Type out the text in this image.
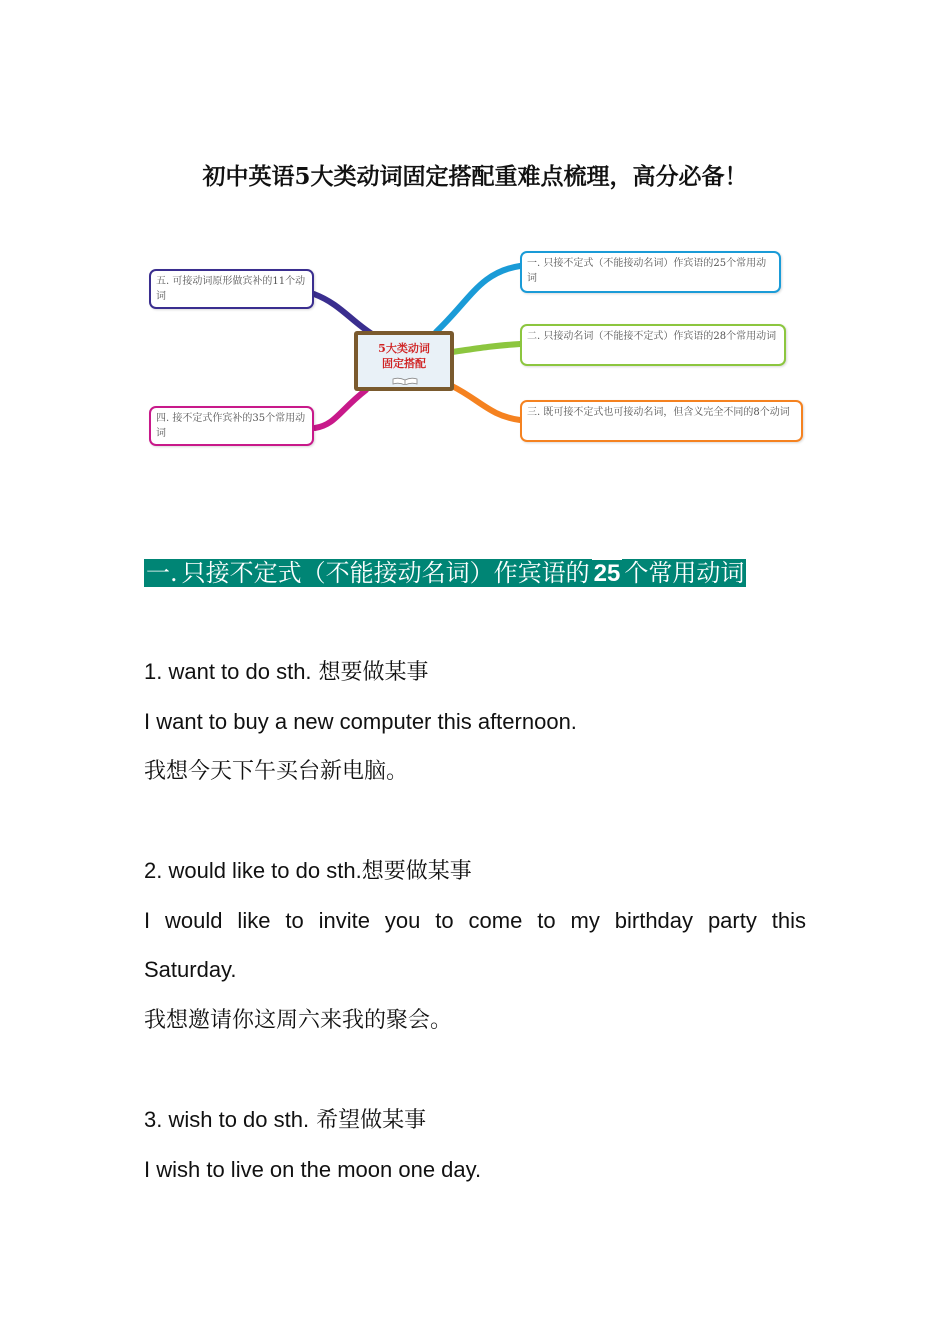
初中英语5大类动词固定搭配重难点梳理，高分必备！
5大类动词
固定搭配
一. 只接不定式（不能接动名词）作宾语的25个常用动词
二. 只接动名词（不能接不定式）作宾语的28个常用动词
三. 既可接不定式也可接动名词，但含义完全不同的8个动词
四. 接不定式作宾补的35个常用动词
五. 可接动词原形做宾补的11个动词
一. 只接不定式（不能接动名词）作宾语的 25 个常用动词
1. want to do sth. 想要做某事
I want to buy a new computer this afternoon.
我想今天下午买台新电脑。
2. would like to do sth.想要做某事
I would like to invite you to come to my birthday party this
Saturday.
我想邀请你这周六来我的聚会。
3. wish to do sth. 希望做某事
I wish to live on the moon one day.
